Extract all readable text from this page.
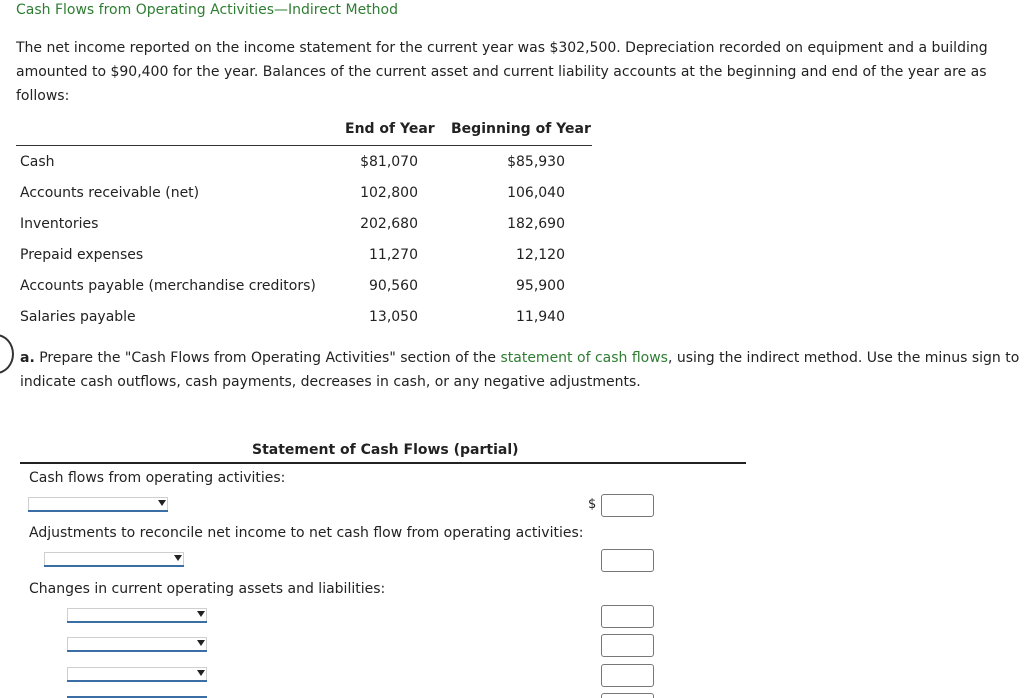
Cash Flows from Operating Activities—Indirect Method
The net income reported on the income statement for the current year was $302,500. Depreciation recorded on equipment and a building amounted to $90,400 for the year. Balances of the current asset and current liability accounts at the beginning and end of the year are as follows:
End of Year Beginning of Year
Cash	$81,070	$85,930
Accounts receivable (net)	102,800	106,040
Inventories	202,680	182,690
Prepaid expenses	11,270	12,120
Accounts payable (merchandise creditors)	90,560	95,900
Salaries payable	13,050	11,940
a. Prepare the "Cash Flows from Operating Activities" section of the statement of cash flows, using the indirect method. Use the minus sign to indicate cash outflows, cash payments, decreases in cash, or any negative adjustments.
Statement of Cash Flows (partial)
Cash flows from operating activities:
$
Adjustments to reconcile net income to net cash flow from operating activities:
Changes in current operating assets and liabilities:
